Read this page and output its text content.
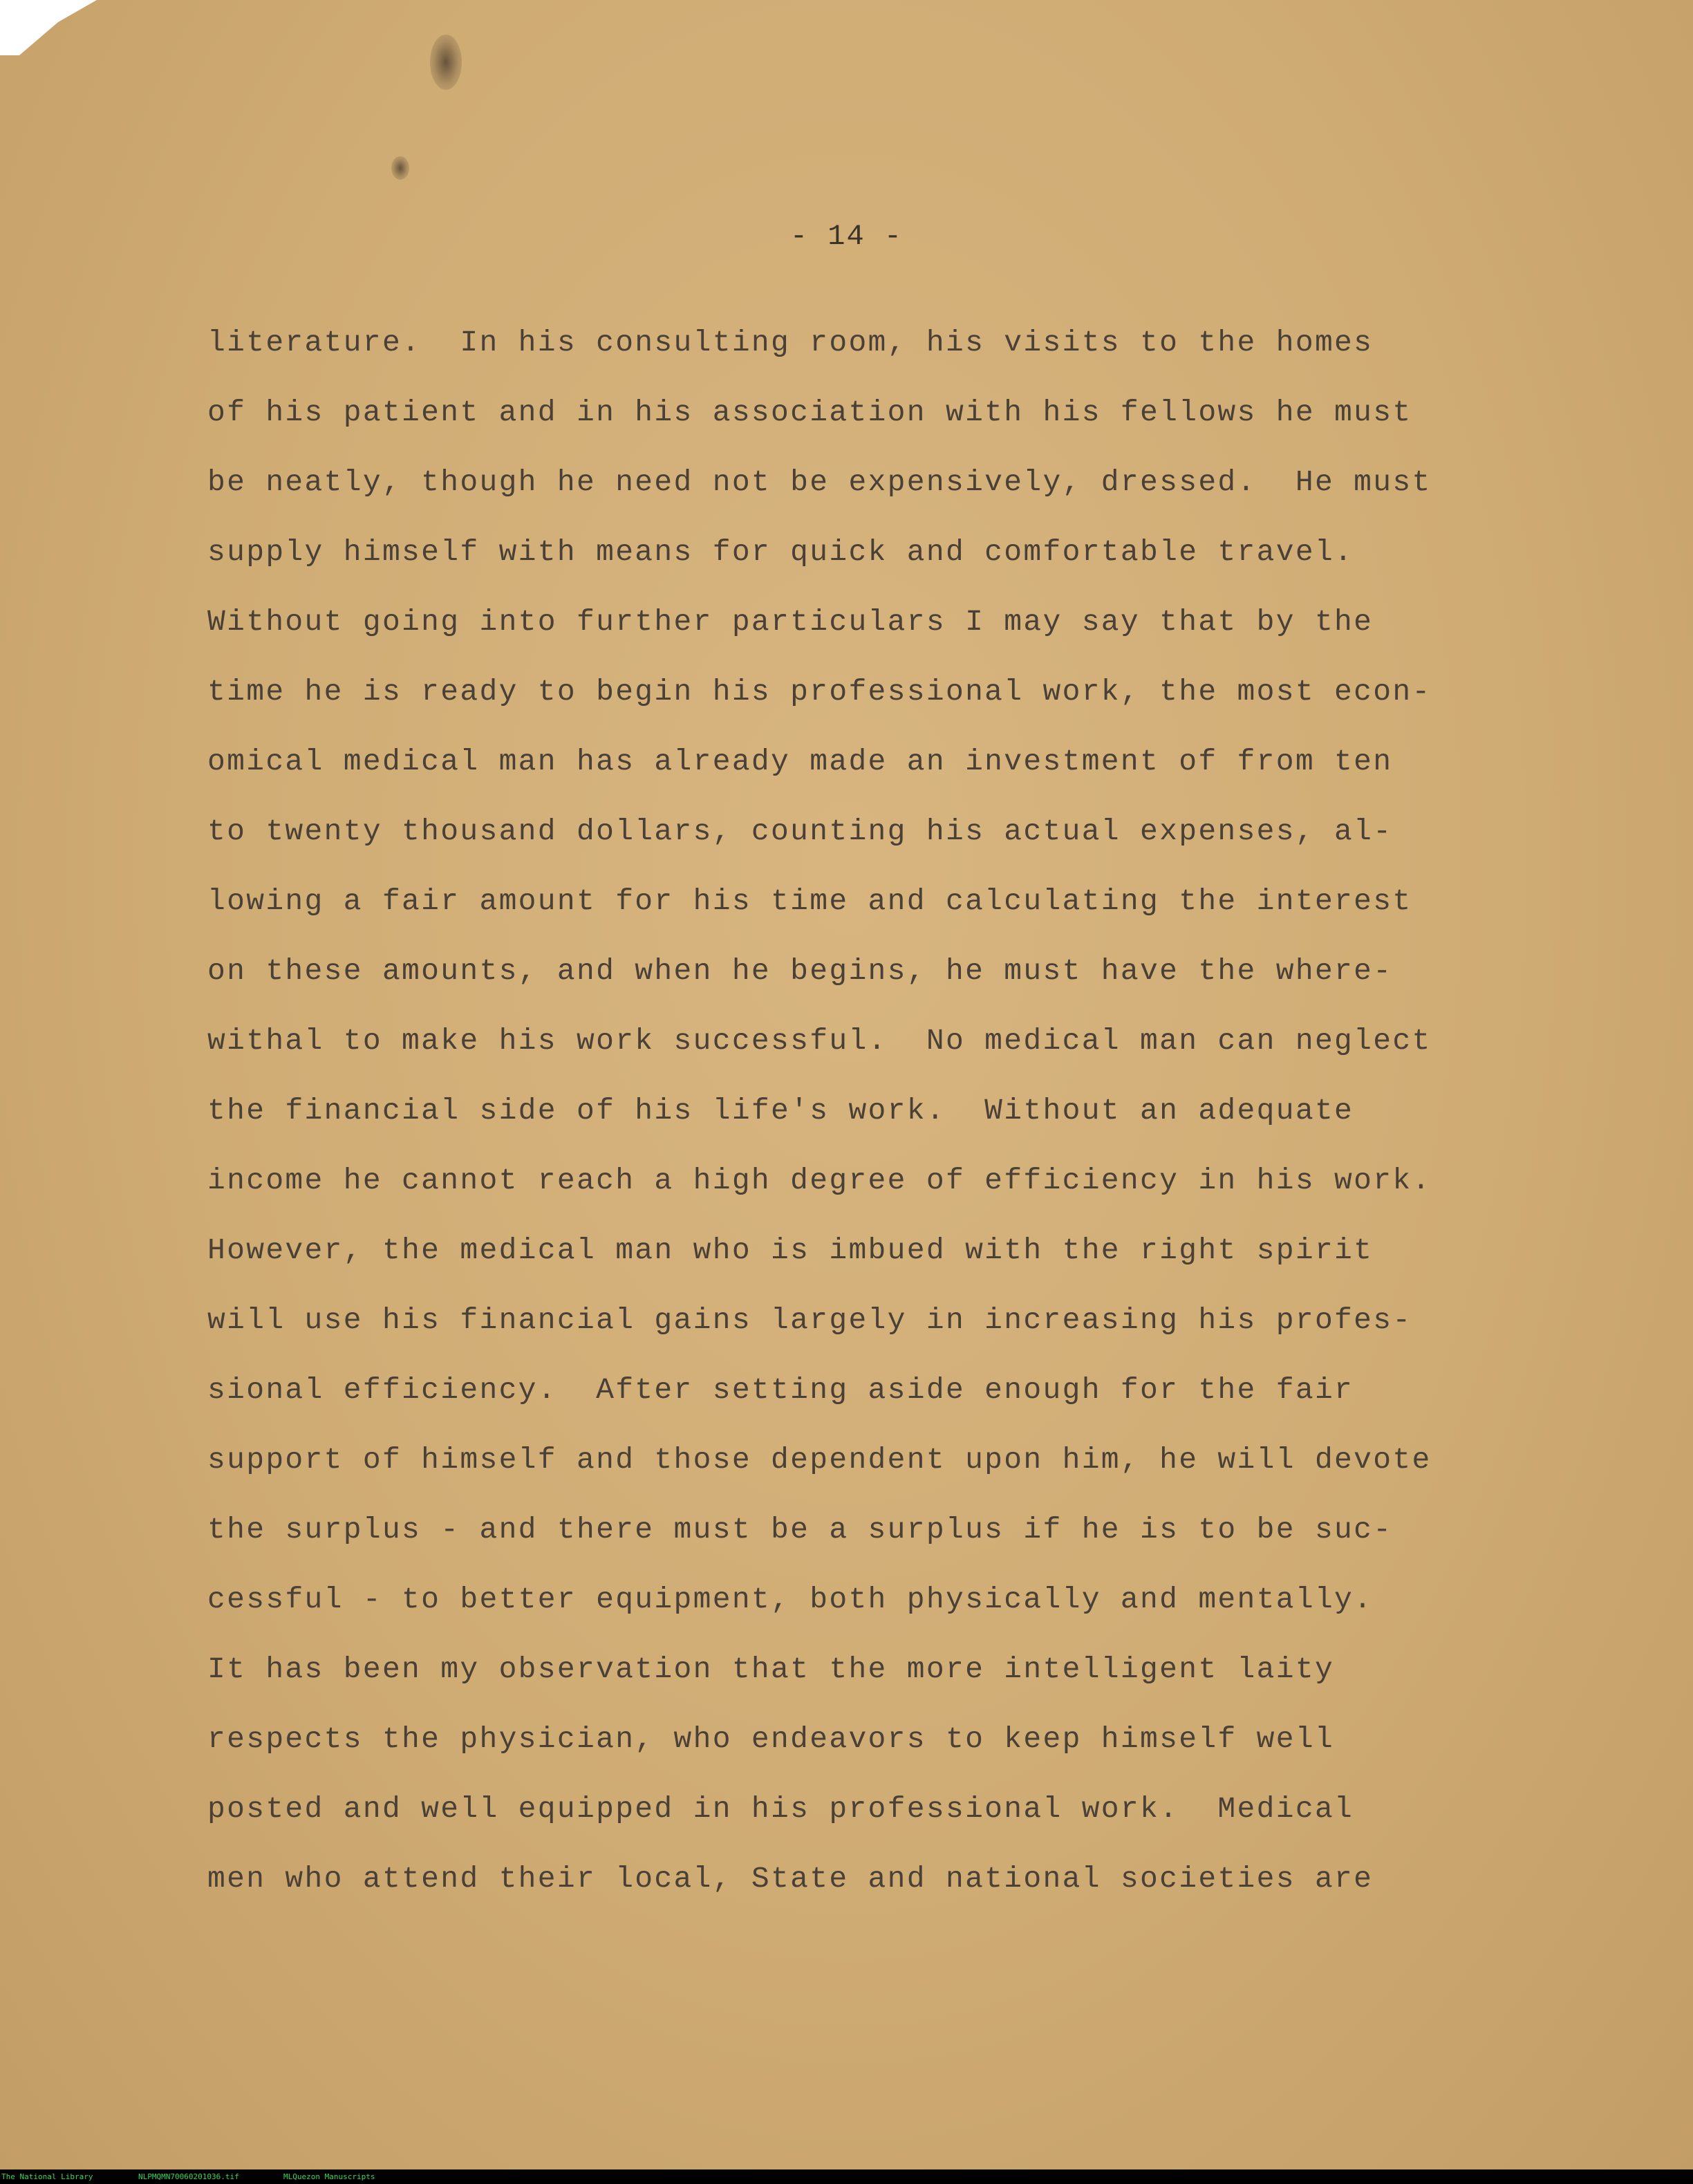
- 14 -
literature.  In his consulting room, his visits to the homes
of his patient and in his association with his fellows he must
be neatly, though he need not be expensively, dressed.  He must
supply himself with means for quick and comfortable travel.
Without going into further particulars I may say that by the
time he is ready to begin his professional work, the most econ-
omical medical man has already made an investment of from ten
to twenty thousand dollars, counting his actual expenses, al-
lowing a fair amount for his time and calculating the interest
on these amounts, and when he begins, he must have the where-
withal to make his work successful.  No medical man can neglect
the financial side of his life's work.  Without an adequate
income he cannot reach a high degree of efficiency in his work.
However, the medical man who is imbued with the right spirit
will use his financial gains largely in increasing his profes-
sional efficiency.  After setting aside enough for the fair
support of himself and those dependent upon him, he will devote
the surplus - and there must be a surplus if he is to be suc-
cessful - to better equipment, both physically and mentally.
It has been my observation that the more intelligent laity
respects the physician, who endeavors to keep himself well
posted and well equipped in his professional work.  Medical
men who attend their local, State and national societies are
The National Library	NLPMQMN70060201036.tif	MLQuezon Manuscripts
